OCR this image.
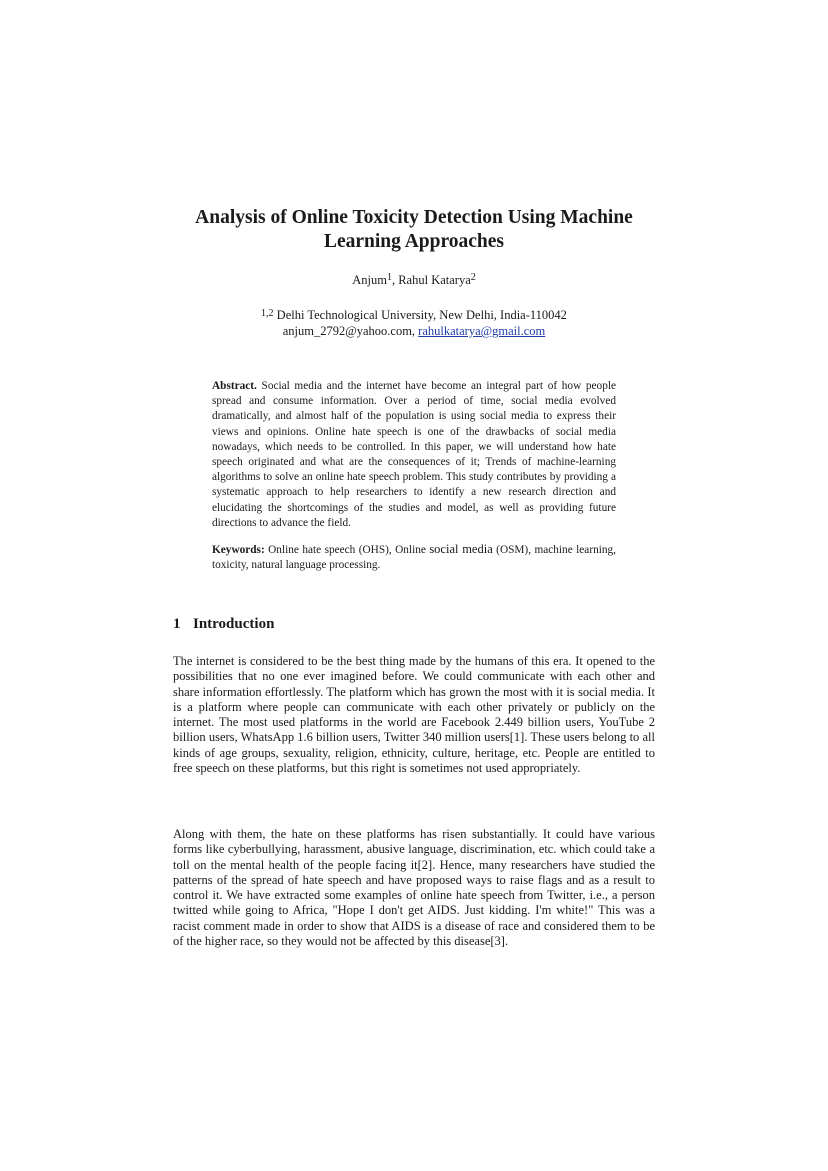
Analysis of Online Toxicity Detection Using Machine
Learning Approaches
Anjum$^1$, Rahul Katarya$^2$
$^{1,2}$ Delhi Technological University, New Delhi, India-110042
anjum_2792@yahoo.com, rahulkatarya@gmail.com
Abstract. Social media and the internet have become an integral part of how people spread and consume information. Over a period of time, social media evolved dramatically, and almost half of the population is using social media to express their views and opinions. Online hate speech is one of the drawbacks of social media nowadays, which needs to be controlled. In this paper, we will understand how hate speech originated and what are the consequences of it; Trends of machine-learning algorithms to solve an online hate speech problem. This study contributes by providing a systematic approach to help researchers to identify a new research direction and elucidating the shortcomings of the studies and model, as well as providing future directions to advance the field.
Keywords: Online hate speech (OHS), Online social media (OSM), machine learning, toxicity, natural language processing.
1 Introduction

The internet is considered to be the best thing made by the humans of this era. It opened to the possibilities that no one ever imagined before. We could communicate with each other and share information effortlessly. The platform which has grown the most with it is social media. It is a platform where people can communicate with each other privately or publicly on the internet. The most used platforms in the world are Facebook 2.449 billion users, YouTube 2 billion users, WhatsApp 1.6 billion users, Twitter 340 million users[1]. These users belong to all kinds of age groups, sexuality, religion, ethnicity, culture, heritage, etc. People are entitled to free speech on these platforms, but this right is sometimes not used appropriately.

Along with them, the hate on these platforms has risen substantially. It could have various forms like cyberbullying, harassment, abusive language, discrimination, etc. which could take a toll on the mental health of the people facing it[2]. Hence, many researchers have studied the patterns of the spread of hate speech and have proposed ways to raise flags and as a result to control it. We have extracted some examples of online hate speech from Twitter, i.e., a person twitted while going to Africa, "Hope I don't get AIDS. Just kidding. I'm white!" This was a racist comment made in order to show that AIDS is a disease of race and considered them to be of the higher race, so they would not be affected by this disease[3].
